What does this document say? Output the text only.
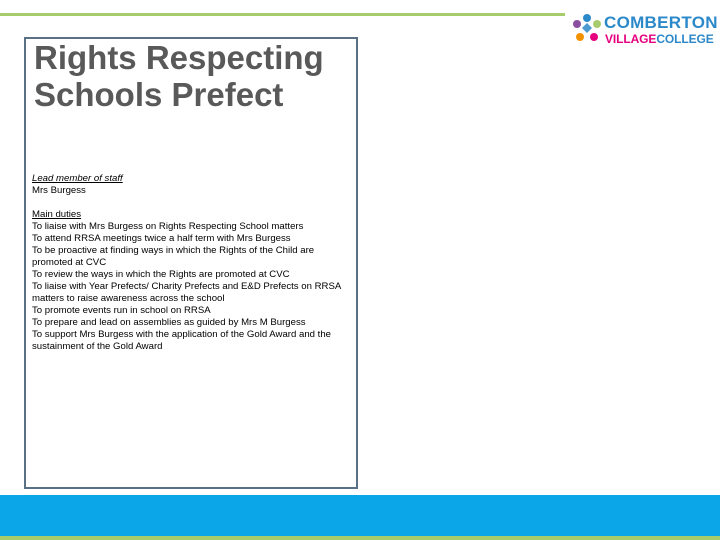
COMBERTON
VILLAGECOLLEGE
Rights Respecting Schools Prefect
Lead member of staff
Mrs Burgess
Main duties
To liaise with Mrs Burgess on Rights Respecting School matters
To attend RRSA meetings twice a half term with Mrs Burgess
To be proactive at finding ways in which the Rights of the Child are promoted at CVC
To review the ways in which the Rights are promoted at CVC
To liaise with Year Prefects/ Charity Prefects and E&D Prefects on RRSA matters to raise awareness across the school
To promote events run in school on RRSA
To prepare and lead on assemblies as guided by Mrs M Burgess
To support Mrs Burgess with the application of the Gold Award and the sustainment of the Gold Award
